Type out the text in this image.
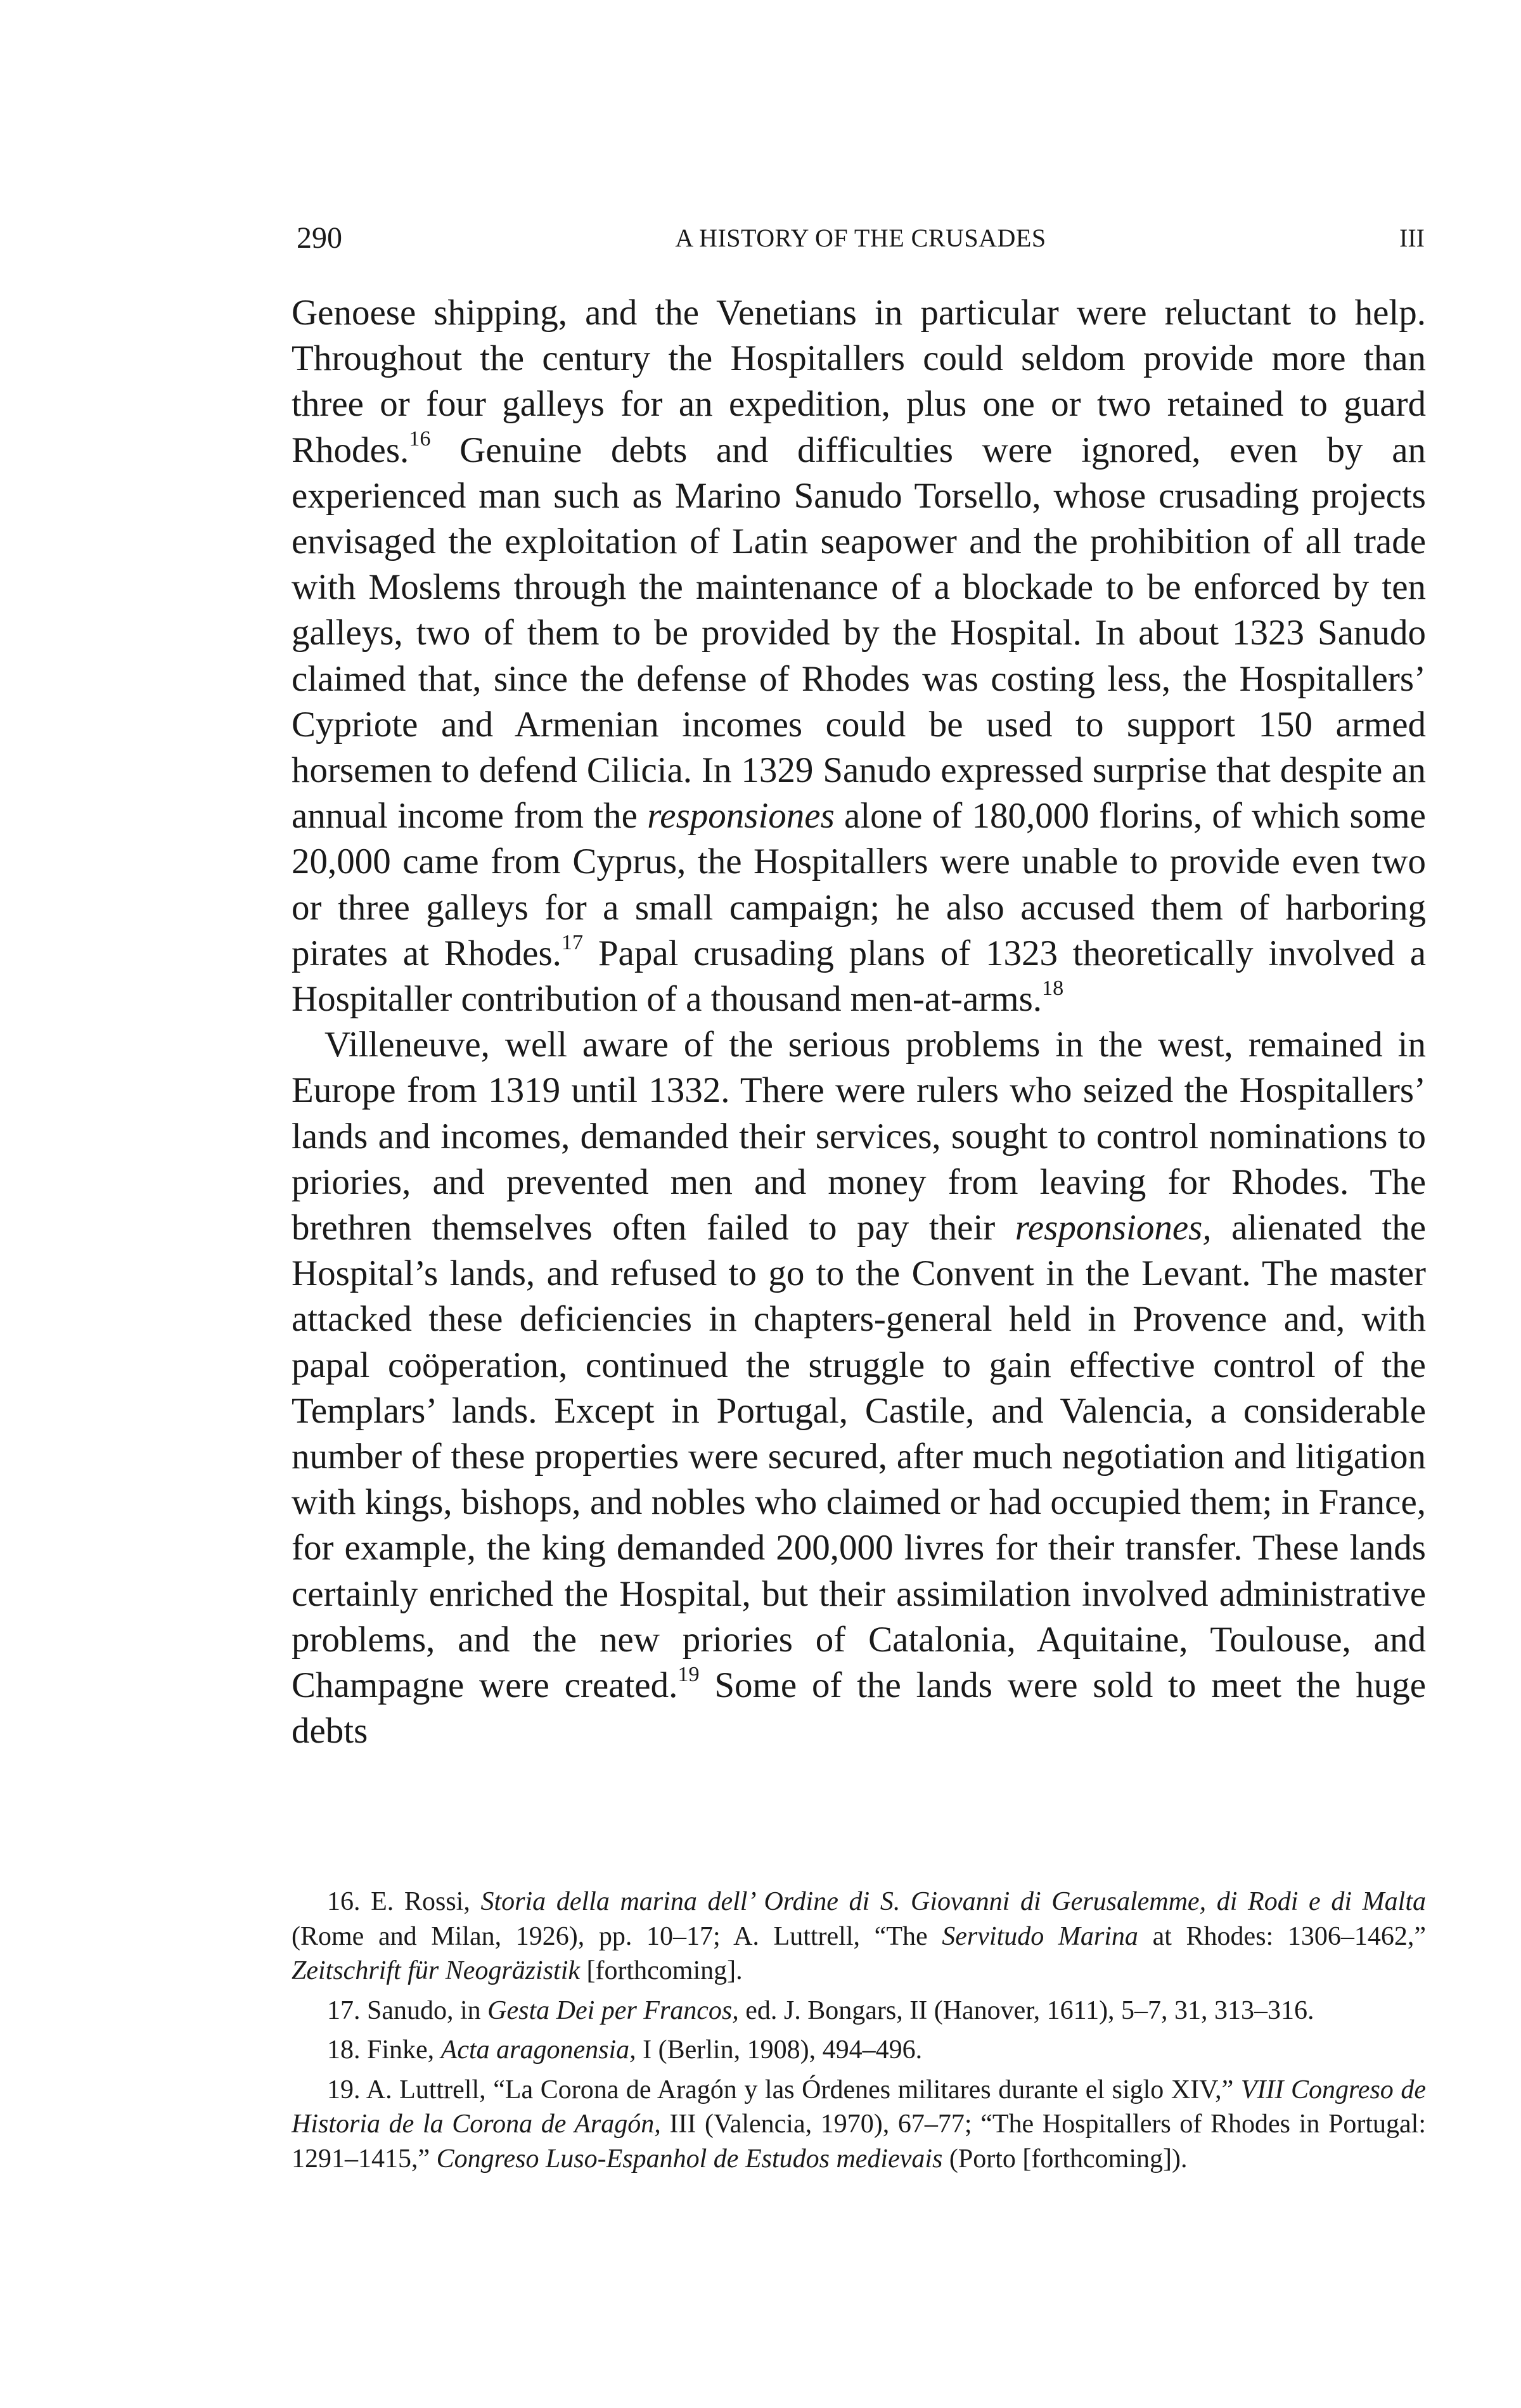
290	A HISTORY OF THE CRUSADES	III

Genoese shipping, and the Venetians in particular were reluctant to help. Throughout the century the Hospitallers could seldom provide more than three or four galleys for an expedition, plus one or two retained to guard Rhodes.$^{16}$ Genuine debts and difficulties were ignored, even by an experienced man such as Marino Sanudo Torsello, whose crusading projects envisaged the exploitation of Latin seapower and the prohibition of all trade with Moslems through the maintenance of a blockade to be enforced by ten galleys, two of them to be provided by the Hospital. In about 1323 Sanudo claimed that, since the defense of Rhodes was costing less, the Hospitallers’ Cypriote and Armenian incomes could be used to support 150 armed horsemen to defend Cilicia. In 1329 Sanudo expressed surprise that despite an annual income from the responsiones alone of 180,000 florins, of which some 20,000 came from Cyprus, the Hospitallers were unable to provide even two or three galleys for a small campaign; he also accused them of harboring pirates at Rhodes.$^{17}$ Papal crusading plans of 1323 theoretically involved a Hospitaller contribution of a thousand men-at-arms.$^{18}$

Villeneuve, well aware of the serious problems in the west, remained in Europe from 1319 until 1332. There were rulers who seized the Hospitallers’ lands and incomes, demanded their services, sought to control nominations to priories, and prevented men and money from leaving for Rhodes. The brethren themselves often failed to pay their responsiones, alienated the Hospital’s lands, and refused to go to the Convent in the Levant. The master attacked these deficiencies in chapters-general held in Provence and, with papal coöperation, continued the struggle to gain effective control of the Templars’ lands. Except in Portugal, Castile, and Valencia, a considerable number of these properties were secured, after much negotiation and litigation with kings, bishops, and nobles who claimed or had occupied them; in France, for example, the king demanded 200,000 livres for their transfer. These lands certainly enriched the Hospital, but their assimilation involved administrative problems, and the new priories of Catalonia, Aquitaine, Toulouse, and Champagne were created.$^{19}$ Some of the lands were sold to meet the huge debts

16. E. Rossi, Storia della marina dell’ Ordine di S. Giovanni di Gerusalemme, di Rodi e di Malta (Rome and Milan, 1926), pp. 10–17; A. Luttrell, “The Servitudo Marina at Rhodes: 1306–1462,” Zeitschrift für Neogräzistik [forthcoming].

17. Sanudo, in Gesta Dei per Francos, ed. J. Bongars, II (Hanover, 1611), 5–7, 31, 313–316.

18. Finke, Acta aragonensia, I (Berlin, 1908), 494–496.

19. A. Luttrell, “La Corona de Aragón y las Órdenes militares durante el siglo XIV,” VIII Congreso de Historia de la Corona de Aragón, III (Valencia, 1970), 67–77; “The Hospitallers of Rhodes in Portugal: 1291–1415,” Congreso Luso-Espanhol de Estudos medievais (Porto [forthcoming]).
